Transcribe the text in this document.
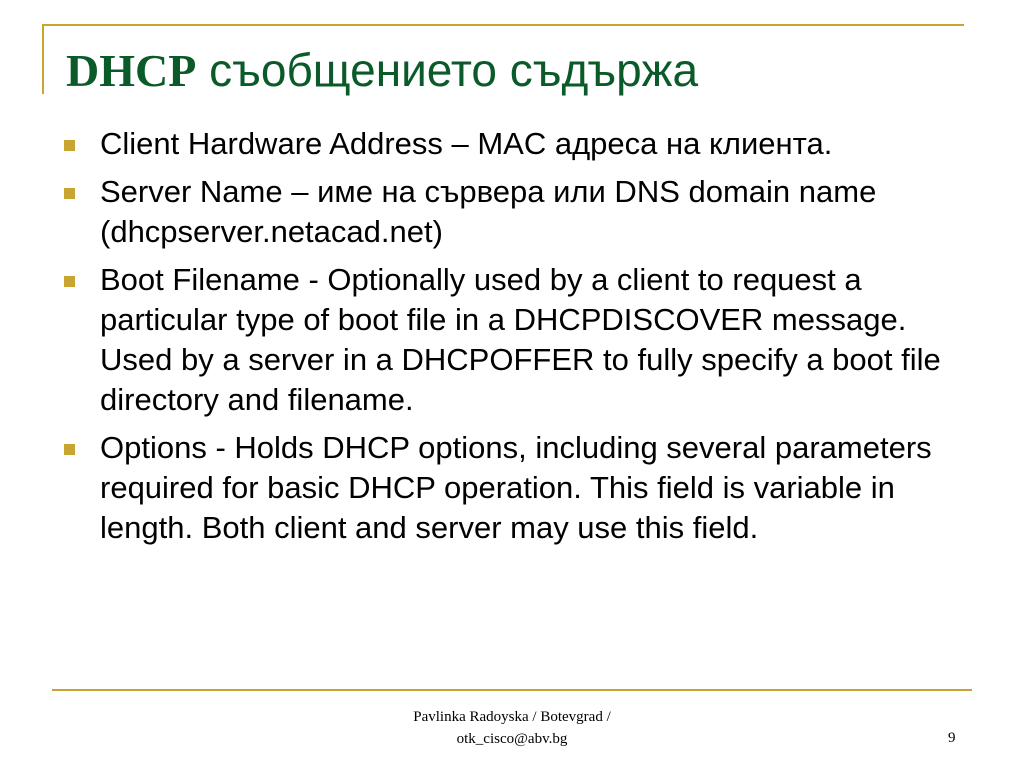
DHCP съобщението съдържа
Client Hardware Address – MAC адреса на клиента.
Server Name – име на сървера или DNS domain name (dhcpserver.netacad.net)
Boot Filename - Optionally used by a client to request a particular type of boot file in a DHCPDISCOVER message. Used by a server in a DHCPOFFER to fully specify a boot file directory and filename.
Options - Holds DHCP options, including several parameters required for basic DHCP operation. This field is variable in length. Both client and server may use this field.
Pavlinka Radoyska / Botevgrad /
otk_cisco@abv.bg	9
